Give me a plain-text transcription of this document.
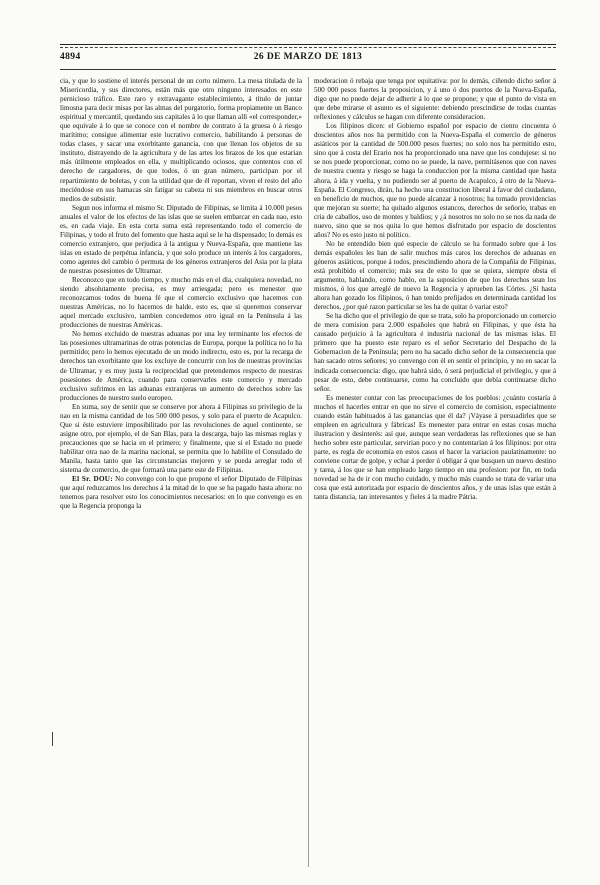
4894	26 DE MARZO DE 1813

cia, y que lo sostiene el interés personal de un corto número. La mesa titulada de la Misericordia, y sus directores, están más que otro ninguno interesados en este pernicioso tráfico. Este raro y extravagante establecimiento, á título de juntar limosna para decir misas por las almas del purgatorio, forma propiamente un Banco espiritual y mercantil, quedando sus capitales á lo que llaman allí «el corresponder,» que equivale á lo que se conoce con el nombre de contrato á la gruesa ó á riesgo marítimo; consigue alimentar este lucrativo comercio, habilitando á personas de todas clases, y sacar una exorbitante ganancia, con que llenan los objetos de su instituto, distrayendo de la agricultura y de las artes los brazos de los que estarian más útilmente empleados en ella, y multiplicando ociosos, que contentos con el derecho de cargadores, de que todos, ó un gran número, participan por el repartimiento de boletas, y con la utilidad que de él reportan, viven el resto del año meciéndose en sus hamacas sin fatigar su cabeza ni sus miembros en buscar otros medios de subsistir.

Segun nos informa el mismo Sr. Diputado de Filipinas, se limita á 10.000 pesos anuales el valor de los efectos de las islas que se suelen embarcar en cada nao, esto es, en cada viaje. En esta corta suma está representando todo el comercio de Filipinas, y todo el fruto del fomento que hasta aquí se le ha dispensado; lo demás es comercio extranjero, que perjudica á la antigua y Nueva-España, que mantiene las islas en estado de perpétua infancia, y que solo produce un interés á los cargadores, como agentes del cambio ó permuta de los géneros extranjeros del Asia por la plata de nuestras posesiones de Ultramar.

Reconozco que en todo tiempo, y mucho más en el dia, cualquiera novedad, no siendo absolutamente precisa, es muy arriesgada; pero es menester que reconozcamos todos de buena fé que el comercio exclusivo que hacemos con nuestras Américas, no lo hacemos de balde, esto es, que si queremos conservar aquel mercado exclusivo, tambien concedemos otro igual en la Península á las producciones de nuestras Américas.

No hemos excluido de nuestras aduanas por una ley terminante los efectos de las posesiones ultramarinas de otras potencias de Europa, porque la política no lo ha permitido; pero lo hemos ejecutado de un modo indirecto, esto es, por la recarga de derechos tan exorbitante que los excluye de concurrir con los de nuestras provincias de Ultramar, y es muy justa la reciprocidad que pretendemos respecto de nuestras posesiones de América, cuando para conservarles este comercio y mercado exclusivo sufrimos en las aduanas extranjeras un aumento de derechos sobre las producciones de nuestro suelo europeo.

En suma, soy de sentir que se conserve por ahora á Filipinas su privilegio de la nao en la misma cantidad de los 500 000 pesos, y solo para el puerto de Acapulco. Que si éste estuviere imposibilitado por las revoluciones de aquel continente, se asigne otro, por ejemplo, el de San Blas, para la descarga, bajo las mismas reglas y precauciones que se hacia en el primero; y finalmente, que si el Estado no puede habilitar otra nao de la marina nacional, se permita que lo habilite el Consulado de Manila, hasta tanto que las circunstancias mejoren y se pueda arreglar todo el sistema de comercio, de que formará una parte este de Filipinas.

El Sr. DOU: No convengo con lo que propone el señor Diputado de Filipinas que aquí reduzcamos los derechos á la mitad de lo que se ha pagado hasta ahora: no tenemos para resolver esto los conocimientos necesarios: en lo que convengo es en que la Regencia proponga la

moderacion ó rebaja que tenga por equitativa: por lo demás, ciñendo dicho señor á 500 000 pesos fuertes la proposicion, y á uno ó dos puertos de la Nueva-España, digo que no puedo dejar de adherir á lo que se propone; y que el punto de vista en que debe mirarse el asunto es el siguiente: debiendo prescindirse de todas cuantas reflexiones y cálculos se hagan con diferente consideracion.

Los filipinos dicen: el Gobierno español por espacio de ciento cincuenta ó doscientos años nos ha permitido con la Nueva-España el comercio de géneros asiáticos por la cantidad de 500.000 pesos fuertes; no solo nos ha permitido esto, sino que á costa del Erario nos ha proporcionado una nave que los condujese: si no se nos puede proporcionar, como no se puede, la nave, permitásenos que con naves de nuestra cuenta y riesgo se haga la conduccion por la misma cantidad que hasta ahora, á ida y vuelta, y no pudiendo ser al puerto de Acapulco, á otro de la Nueva-España. El Congreso, dirán, ha hecho una constitucion liberal á favor del ciudadano, en beneficio de muchos, que no puede alcanzar á nosotros; ha tomado providencias que mejoran su suerte; ha quitado algunos estancos, derechos de señorío, trabas en cria de caballos, uso de montes y baldíos; y ¿á nosotros no solo no se nos da nada de nuevo, sino que se nos quita lo que hemos disfrutado por espacio de doscientos años? No es esto justo ni político.

No he entendido bien qué especie de cálculo se ha formado sobre que á los demás españoles les han de salir muchos más caros los derechos de aduanas en géneros asiáticos, porque á todos, prescindiendo ahora de la Compañía de Filipinas, está prohibido el comercio; más sea de esto lo que se quiera, siempre obsta el argumento, hablando, como hablo, en la suposicion de que los derechos sean los mismos, ó los que arreglé de nuevo la Regencia y aprueben las Córtes. ¿Si hasta ahora han gozado los filipinos, ó han tenido prefijados en determinada cantidad los derechos, ¿por qué razon particular se les ha de quitar ó variar esto?

Se ha dicho que el privilegio de que se trata, solo ha proporcionado un comercio de mera comision para 2.000 españoles que habrá en Filipinas, y que ésta ha causado perjuicio á la agricultura é industria nacional de las mismas islas. El primero que ha puesto este reparo es el señor Secretario del Despacho de la Gobernacion de la Península; pero no ha sacado dicho señor de la consecuencia que han sacado otros señores; yo convengo con él en sentir el principio, y no en sacar la indicada consecuencia: digo, que habrá sido, ó será perjudicial el privilegio, y que á pesar de esto, debe continuarse, como ha concluido que debía continuarse dicho señor.

Es menester contar con las preocupaciones de los pueblos: ¿cuánto costaría á muchos el hacerles entrar en que no sirve el comercio de comision, especialmente cuando están habituados á las ganancias que él da? ¡Váyase á persuadirles que se empleen en agricultura y fábricas! Es menester para entrar en estas cosas mucha ilustracion y desinterés: así que, aunque sean verdaderas las reflexiones que se han hecho sobre este particular, servirian poco y no contentarian á los filipinos: por otra parte, es regla de economía en estos casos el hacer la variacion paulatinamente: no conviene cortar de golpe, y echar á perder ú obligar á que busquen un nuevo destino y tarea, á los que se han empleado largo tiempo en una profesion: por fin, en toda novedad se ha de ir con mucho cuidado, y mucho más cuando se trata de variar una cosa que está autorizada por espacio de doscientos años, y de unas islas que están á tanta distancia, tan interesantes y fieles á la madre Pátria.
